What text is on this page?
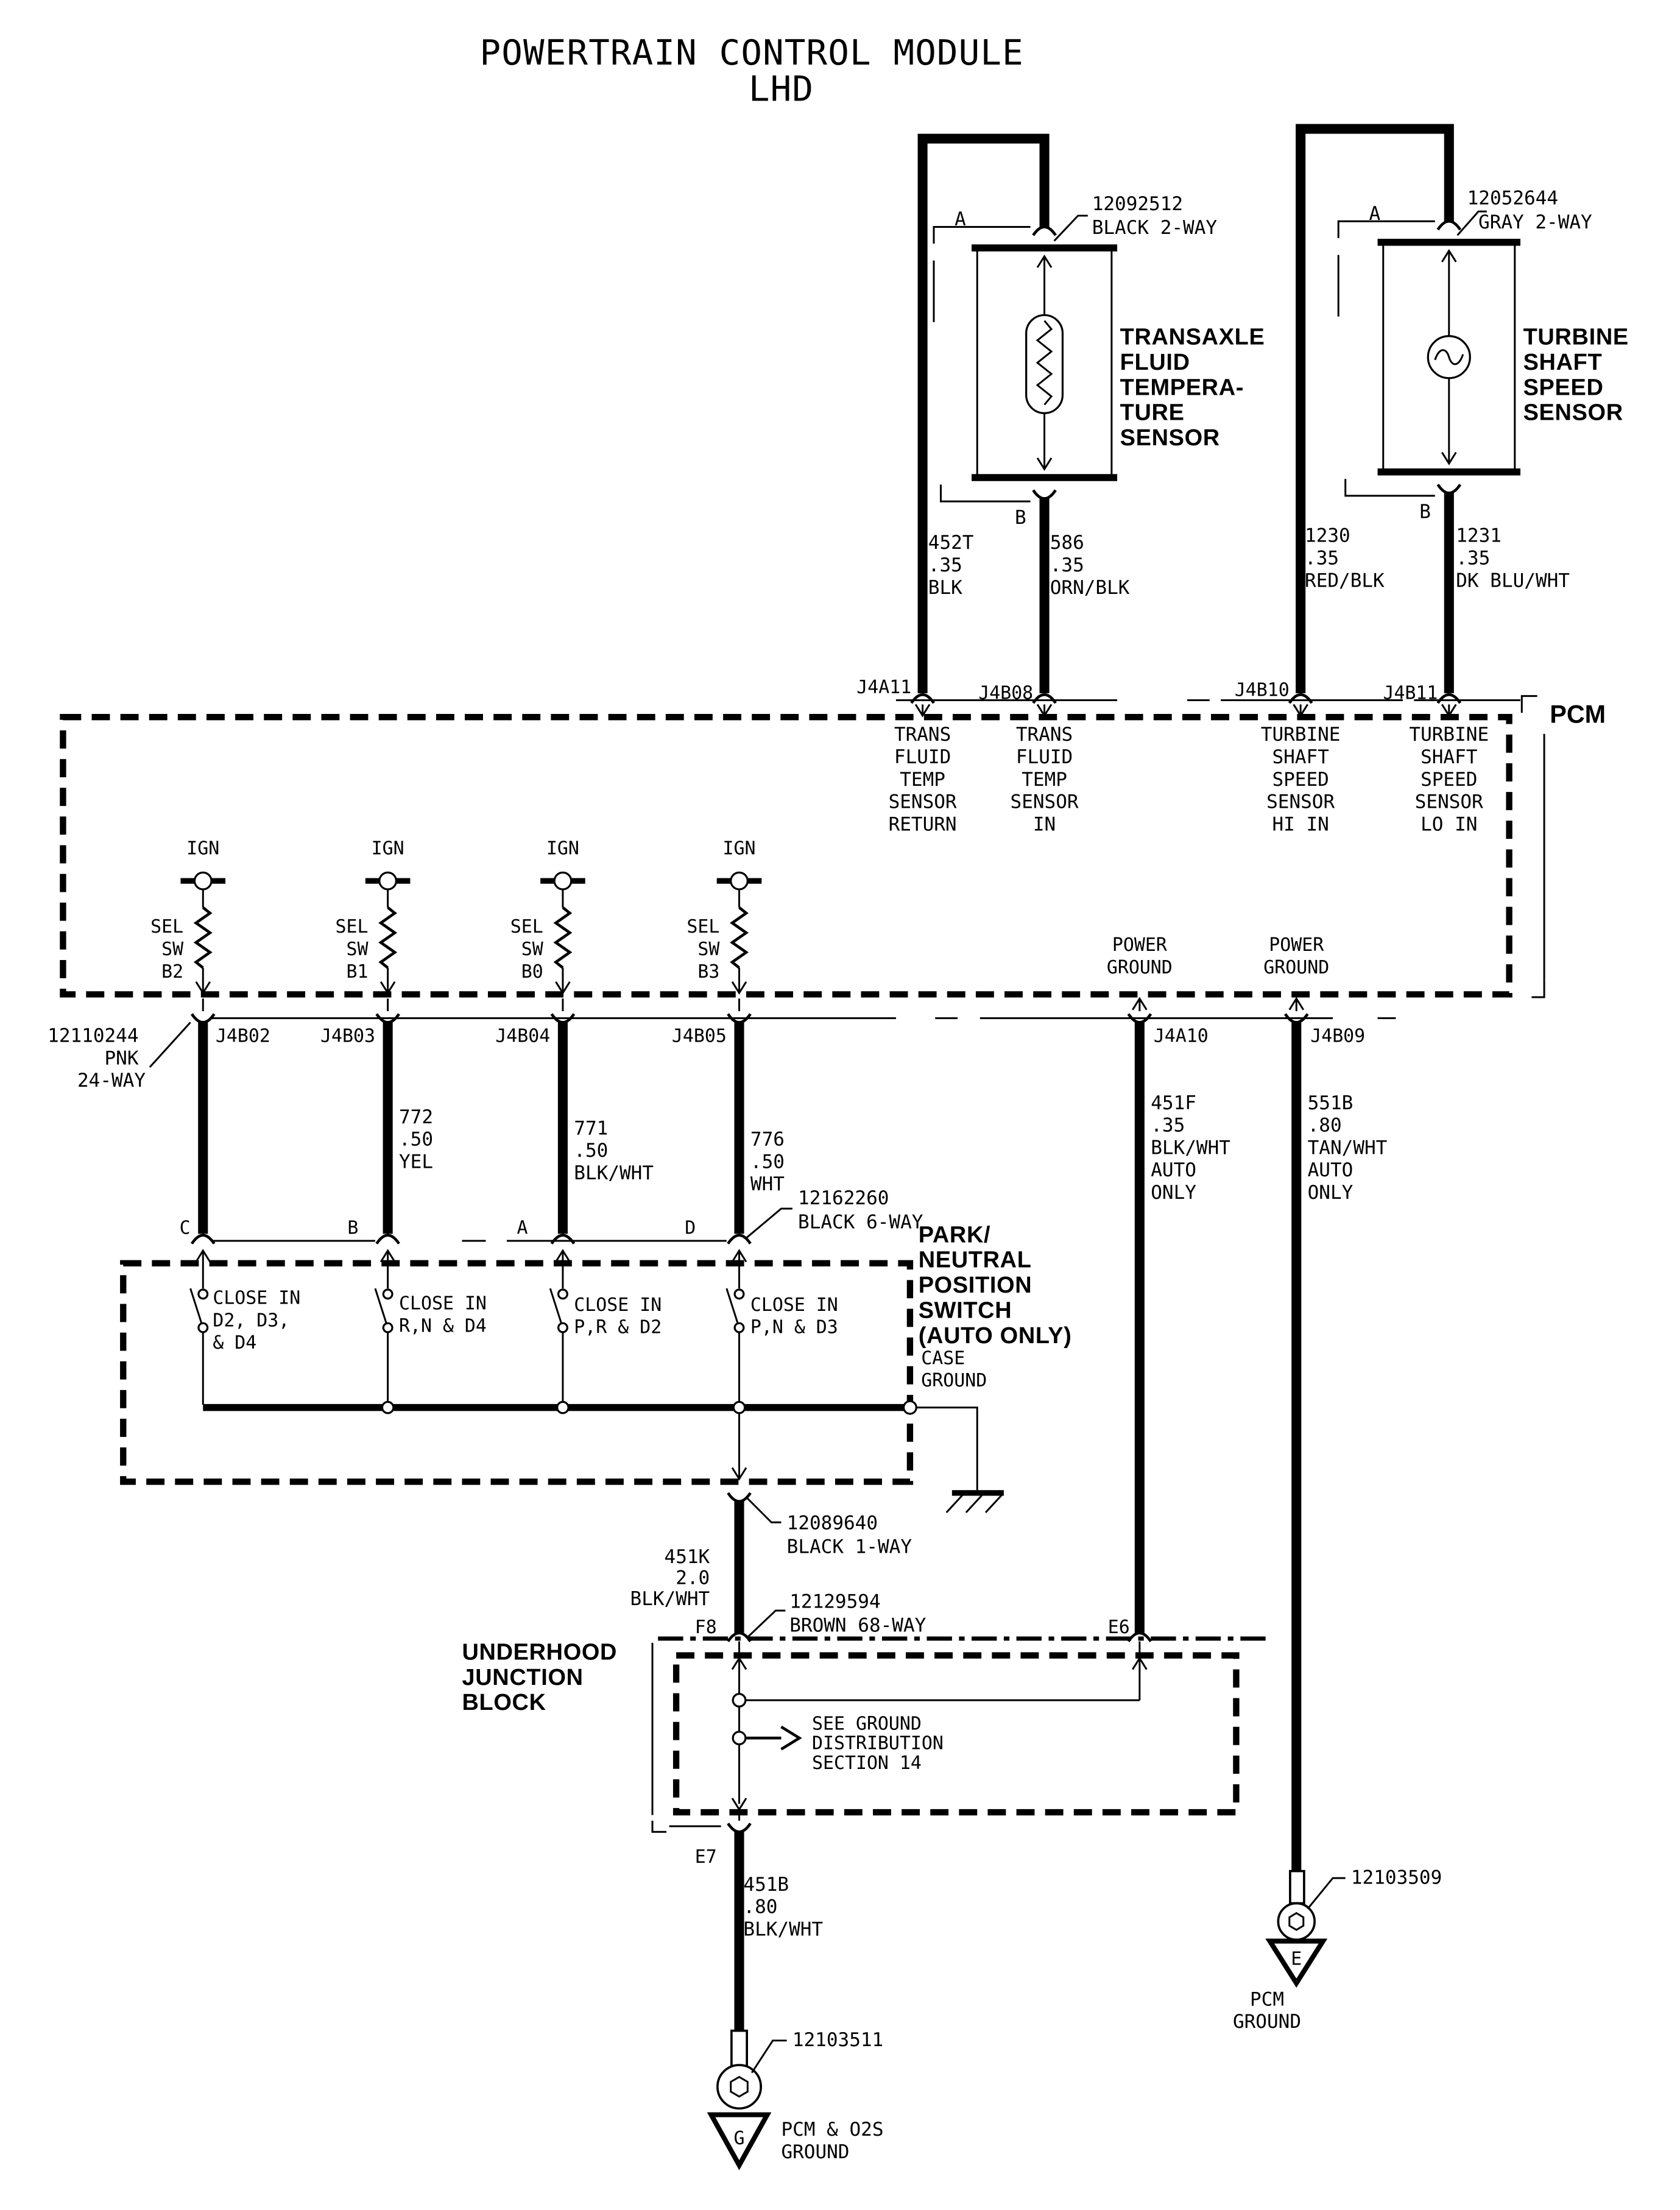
POWERTRAIN CONTROL MODULE
LHD
12092512
BLACK 2-WAY
A
TRANSAXLE
FLUID
TEMPERA-
TURE
SENSOR
B
452T
.35
BLK
586
.35
ORN/BLK
12052644
GRAY 2-WAY
A
TURBINE
SHAFT
SPEED
SENSOR
B
1230
.35
RED/BLK
1231
.35
DK BLU/WHT
J4A11	J4B08	J4B10	J4B11
PCM
TRANS
FLUID
TEMP
SENSOR
RETURN
TRANS
FLUID
TEMP
SENSOR
IN
TURBINE
SHAFT
SPEED
SENSOR
HI IN
TURBINE
SHAFT
SPEED
SENSOR
LO IN
IGN
SEL
SW
B2
IGN
SEL
SW
B1
IGN
SEL
SW
B0
IGN
SEL
SW
B3
POWER
GROUND
POWER
GROUND
J4B02	J4B03	J4B04	J4B05	J4A10	J4B09
12110244
PNK
24-WAY
772
.50
YEL
771
.50
BLK/WHT
776
.50
WHT
451F
.35
BLK/WHT
AUTO
ONLY
551B
.80
TAN/WHT
AUTO
ONLY
C	B	A	D
12162260
BLACK 6-WAY
PARK/
NEUTRAL
POSITION
SWITCH
(AUTO ONLY)
CLOSE IN
D2, D3,
& D4
CLOSE IN
R,N & D4
CLOSE IN
P,R & D2
CLOSE IN
P,N & D3
CASE
GROUND
12089640
BLACK 1-WAY
451K
2.0
BLK/WHT
F8	E6
12129594
BROWN 68-WAY
UNDERHOOD
JUNCTION
BLOCK
SEE GROUND
DISTRIBUTION
SECTION 14
E7
451B
.80
BLK/WHT
12103511
G	PCM & O2S
GROUND
12103509
E
PCM
GROUND
